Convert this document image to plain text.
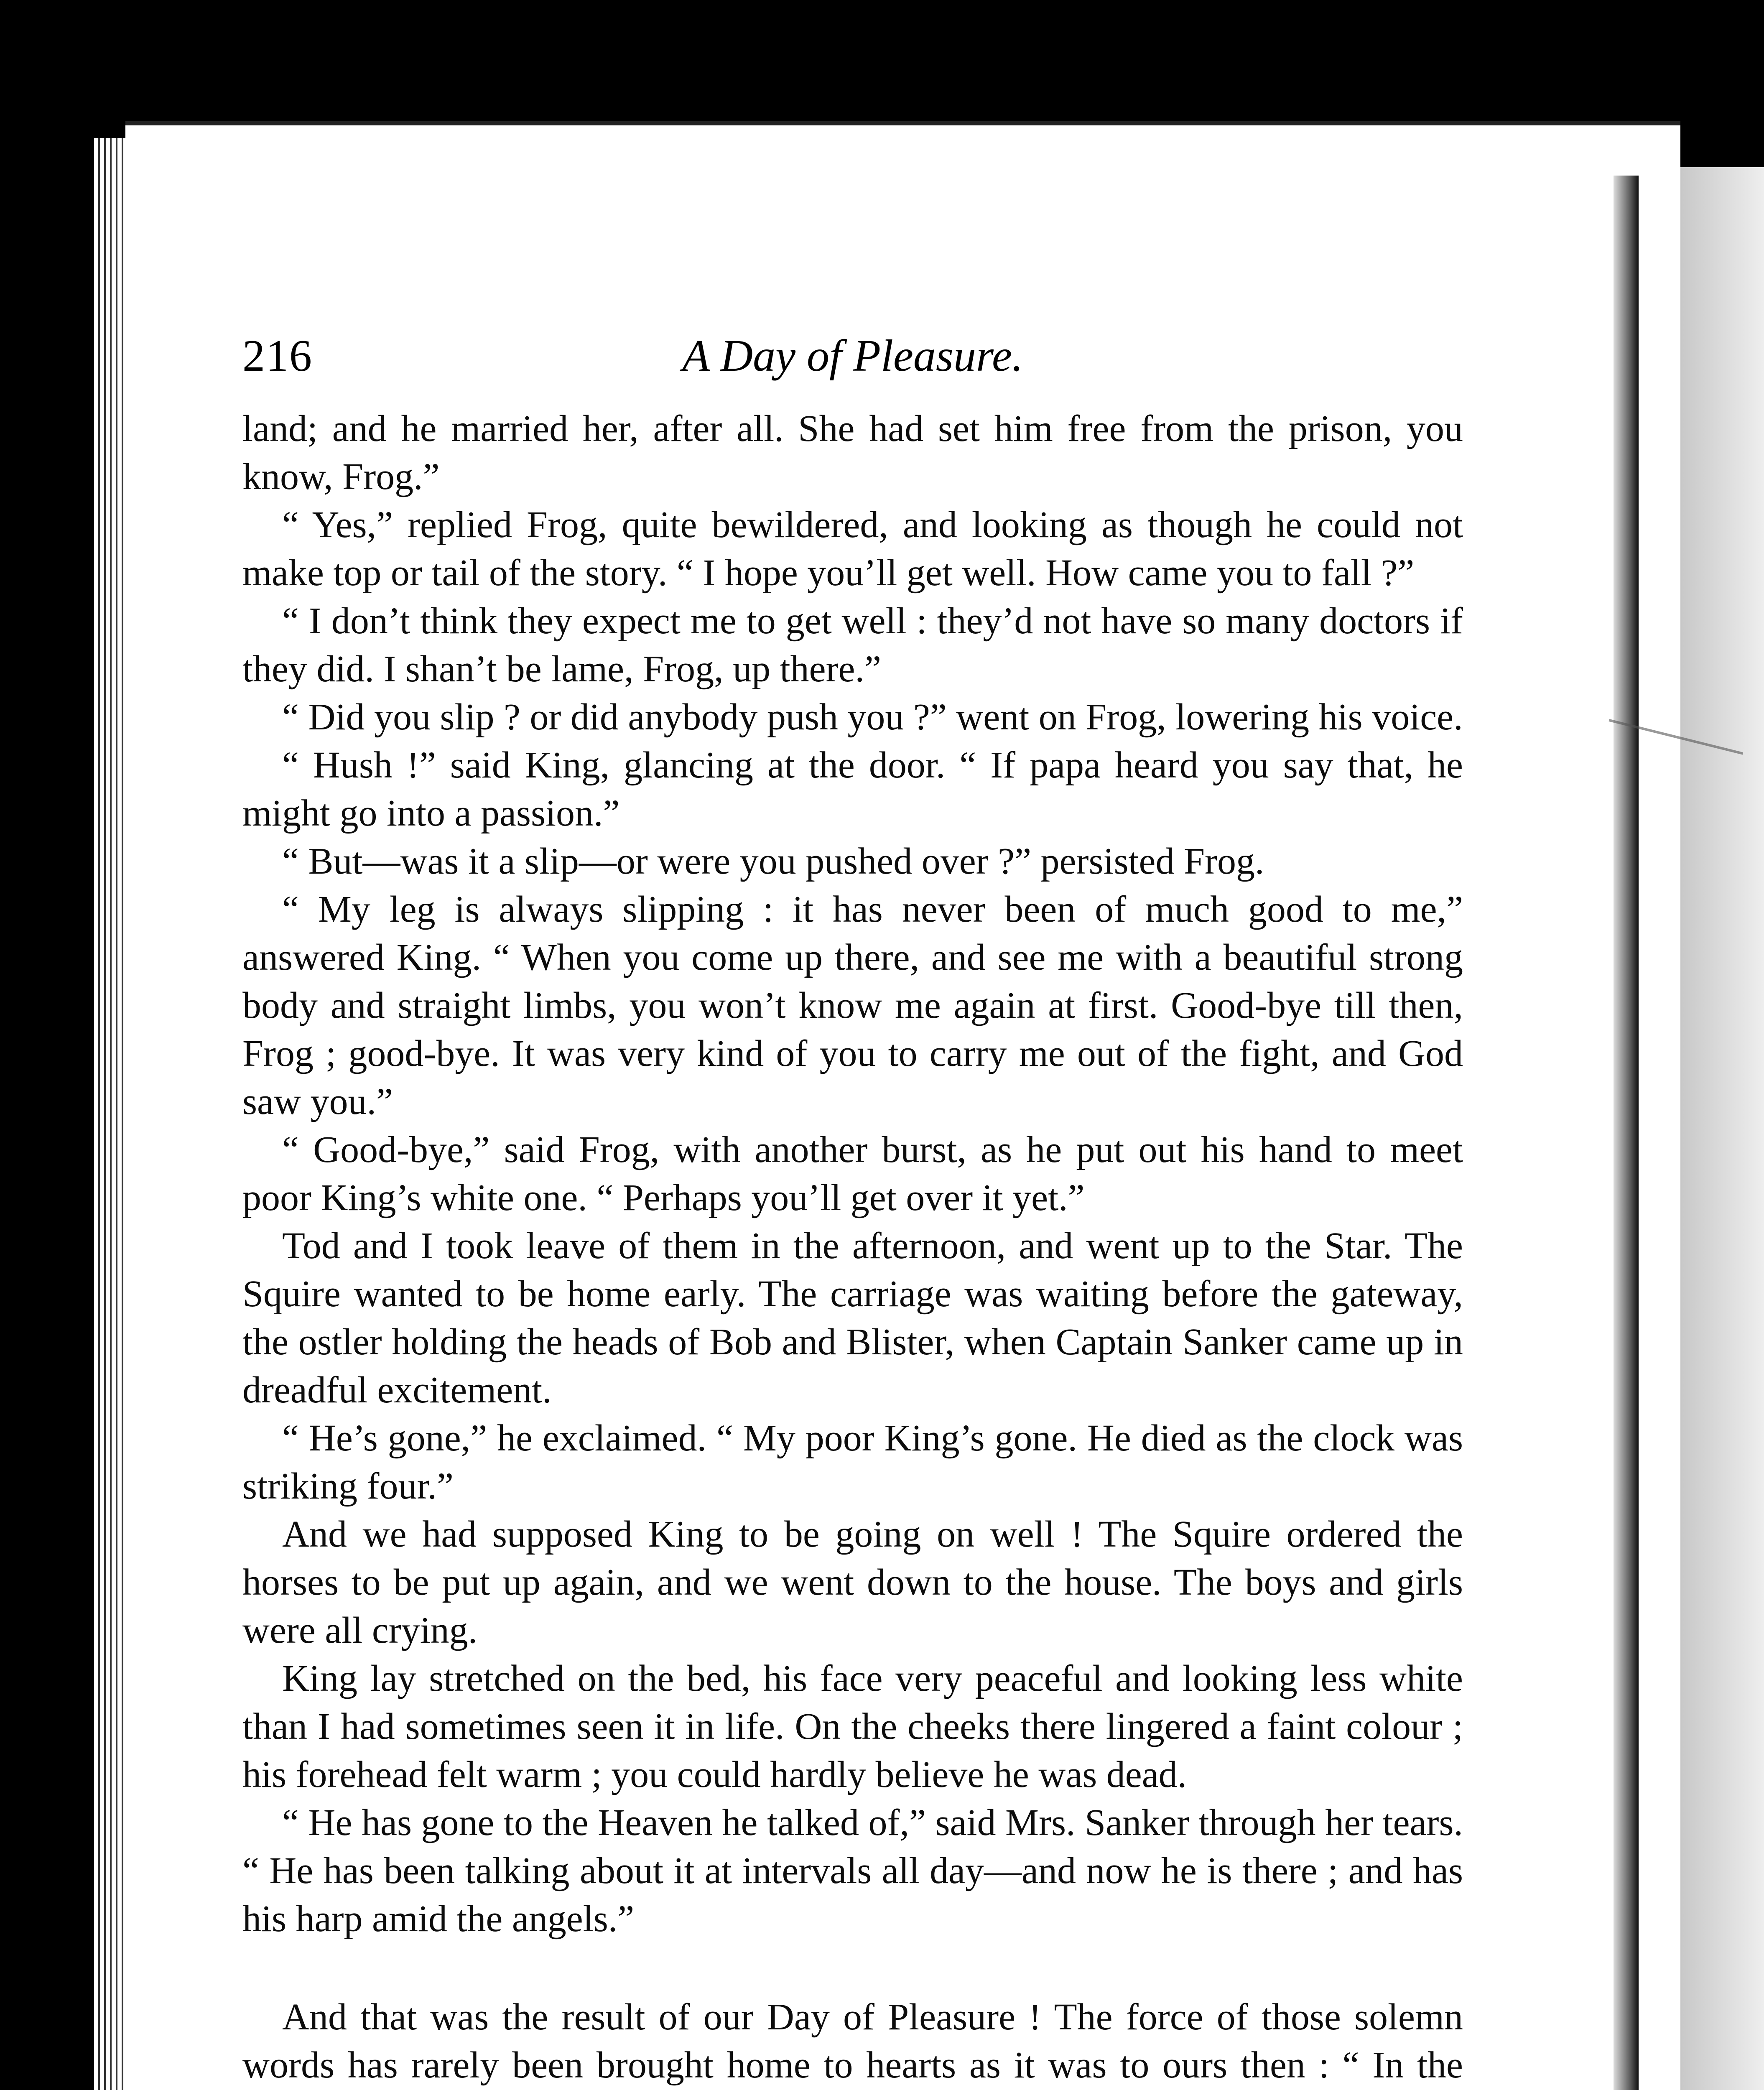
216	A Day of Pleasure.

land; and he married her, after all. She had set him free from the prison, you know, Frog.”

“ Yes,” replied Frog, quite bewildered, and looking as though he could not make top or tail of the story. “ I hope you’ll get well. How came you to fall ?”

“ I don’t think they expect me to get well : they’d not have so many doctors if they did. I shan’t be lame, Frog, up there.”

“ Did you slip ? or did anybody push you ?” went on Frog, lowering his voice.

“ Hush !” said King, glancing at the door. “ If papa heard you say that, he might go into a passion.”

“ But—was it a slip—or were you pushed over ?” persisted Frog.

“ My leg is always slipping : it has never been of much good to me,” answered King. “ When you come up there, and see me with a beautiful strong body and straight limbs, you won’t know me again at first. Good-bye till then, Frog ; good-bye. It was very kind of you to carry me out of the fight, and God saw you.”

“ Good-bye,” said Frog, with another burst, as he put out his hand to meet poor King’s white one. “ Perhaps you’ll get over it yet.”

Tod and I took leave of them in the afternoon, and went up to the Star. The Squire wanted to be home early. The carriage was waiting before the gateway, the ostler holding the heads of Bob and Blister, when Captain Sanker came up in dreadful excitement.

“ He’s gone,” he exclaimed. “ My poor King’s gone. He died as the clock was striking four.”

And we had supposed King to be going on well ! The Squire ordered the horses to be put up again, and we went down to the house. The boys and girls were all crying.

King lay stretched on the bed, his face very peaceful and looking less white than I had sometimes seen it in life. On the cheeks there lingered a faint colour ; his forehead felt warm ; you could hardly believe he was dead.

“ He has gone to the Heaven he talked of,” said Mrs. Sanker through her tears. “ He has been talking about it at intervals all day—and now he is there ; and has his harp amid the angels.”

And that was the result of our Day of Pleasure ! The force of those solemn words has rarely been brought home to hearts as it was to ours then : “ In the
